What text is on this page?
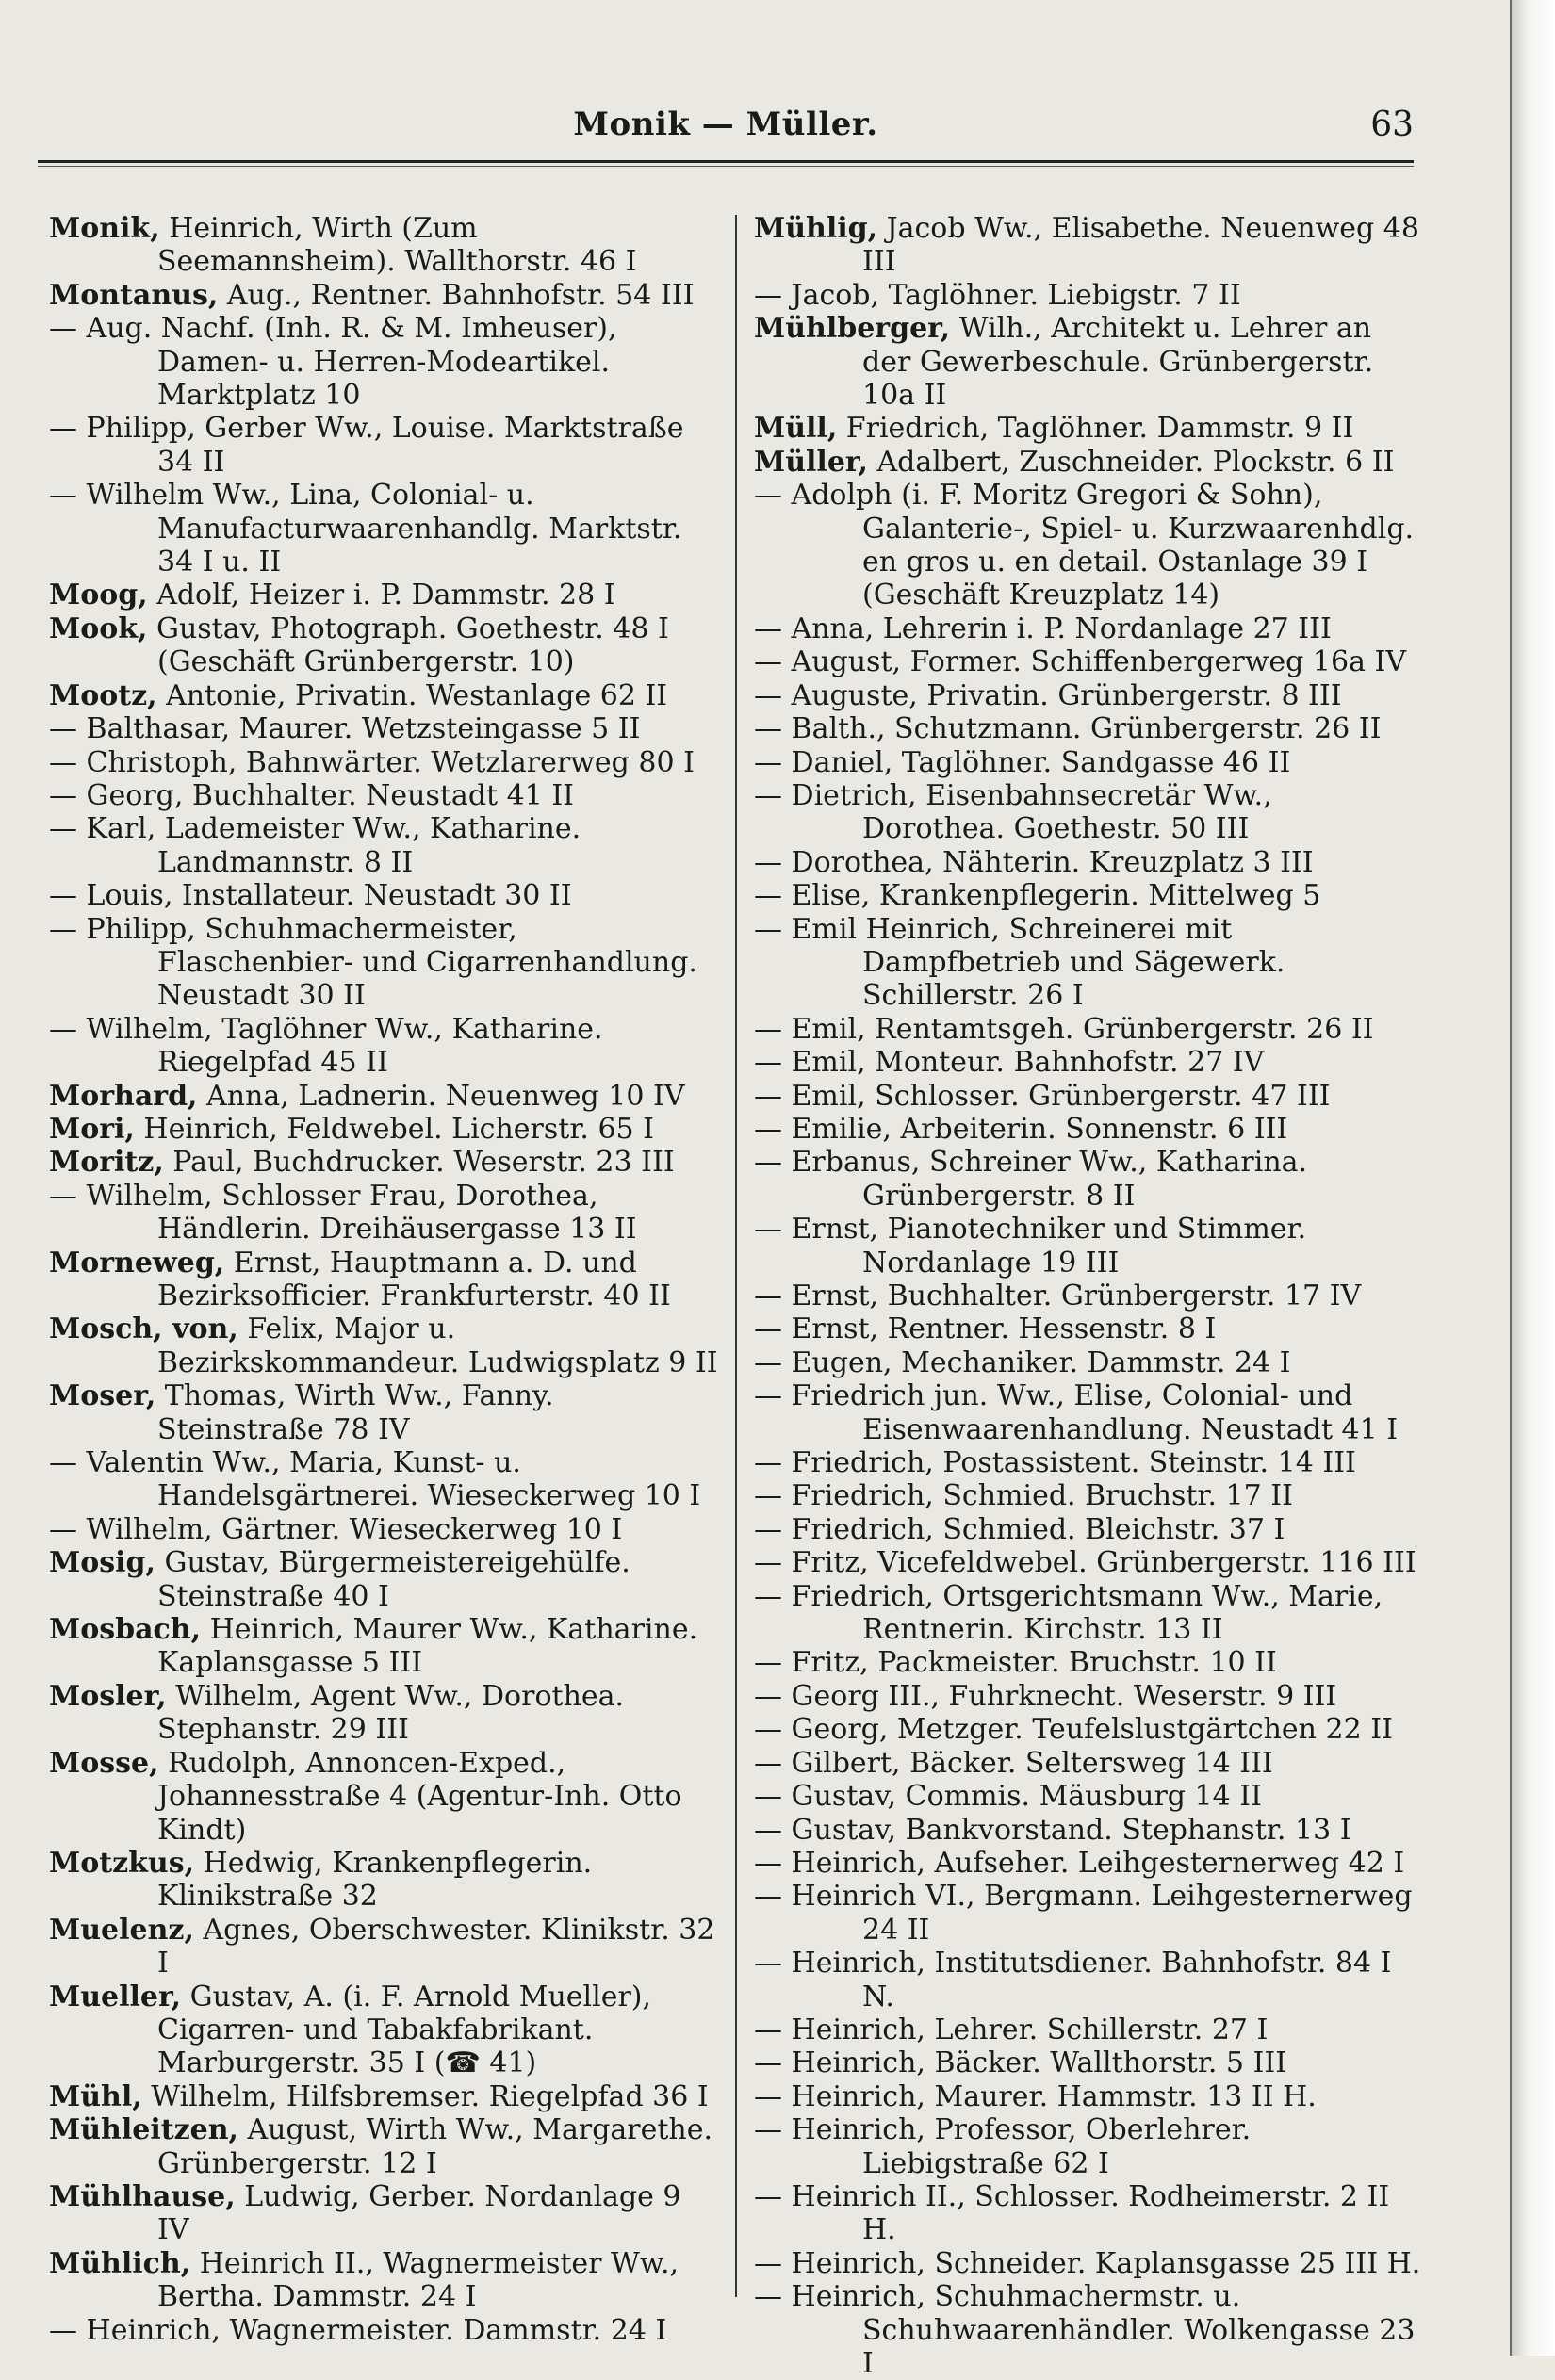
Monik — Müller.	63

Monik, Heinrich, Wirth (Zum Seemannsheim). Wallthorstr. 46 I

Montanus, Aug., Rentner. Bahnhofstr. 54 III

— Aug. Nachf. (Inh. R. & M. Imheuser), Damen- u. Herren-Modeartikel. Marktplatz 10

— Philipp, Gerber Ww., Louise. Marktstraße 34 II

— Wilhelm Ww., Lina, Colonial- u. Manufacturwaarenhandlg. Marktstr. 34 I u. II

Moog, Adolf, Heizer i. P. Dammstr. 28 I

Mook, Gustav, Photograph. Goethestr. 48 I (Geschäft Grünbergerstr. 10)

Mootz, Antonie, Privatin. Westanlage 62 II

— Balthasar, Maurer. Wetzsteingasse 5 II

— Christoph, Bahnwärter. Wetzlarerweg 80 I

— Georg, Buchhalter. Neustadt 41 II

— Karl, Lademeister Ww., Katharine. Landmannstr. 8 II

— Louis, Installateur. Neustadt 30 II

— Philipp, Schuhmachermeister, Flaschenbier- und Cigarrenhandlung. Neustadt 30 II

— Wilhelm, Taglöhner Ww., Katharine. Riegelpfad 45 II

Morhard, Anna, Ladnerin. Neuenweg 10 IV

Mori, Heinrich, Feldwebel. Licherstr. 65 I

Moritz, Paul, Buchdrucker. Weserstr. 23 III

— Wilhelm, Schlosser Frau, Dorothea, Händlerin. Dreihäusergasse 13 II

Morneweg, Ernst, Hauptmann a. D. und Bezirksofficier. Frankfurterstr. 40 II

Mosch, von, Felix, Major u. Bezirkskommandeur. Ludwigsplatz 9 II

Moser, Thomas, Wirth Ww., Fanny. Steinstraße 78 IV

— Valentin Ww., Maria, Kunst- u. Handelsgärtnerei. Wieseckerweg 10 I

— Wilhelm, Gärtner. Wieseckerweg 10 I

Mosig, Gustav, Bürgermeistereigehülfe. Steinstraße 40 I

Mosbach, Heinrich, Maurer Ww., Katharine. Kaplansgasse 5 III

Mosler, Wilhelm, Agent Ww., Dorothea. Stephanstr. 29 III

Mosse, Rudolph, Annoncen-Exped., Johannesstraße 4 (Agentur-Inh. Otto Kindt)

Motzkus, Hedwig, Krankenpflegerin. Klinikstraße 32

Muelenz, Agnes, Oberschwester. Klinikstr. 32 I

Mueller, Gustav, A. (i. F. Arnold Mueller), Cigarren- und Tabakfabrikant. Marburgerstr. 35 I (☎ 41)

Mühl, Wilhelm, Hilfsbremser. Riegelpfad 36 I

Mühleitzen, August, Wirth Ww., Margarethe. Grünbergerstr. 12 I

Mühlhause, Ludwig, Gerber. Nordanlage 9 IV

Mühlich, Heinrich II., Wagnermeister Ww., Bertha. Dammstr. 24 I

— Heinrich, Wagnermeister. Dammstr. 24 I

Mühlig, Jacob Ww., Elisabethe. Neuenweg 48 III

— Jacob, Taglöhner. Liebigstr. 7 II

Mühlberger, Wilh., Architekt u. Lehrer an der Gewerbeschule. Grünbergerstr. 10a II

Müll, Friedrich, Taglöhner. Dammstr. 9 II

Müller, Adalbert, Zuschneider. Plockstr. 6 II

— Adolph (i. F. Moritz Gregori & Sohn), Galanterie-, Spiel- u. Kurzwaarenhdlg. en gros u. en detail. Ostanlage 39 I (Geschäft Kreuzplatz 14)

— Anna, Lehrerin i. P. Nordanlage 27 III

— August, Former. Schiffenbergerweg 16a IV

— Auguste, Privatin. Grünbergerstr. 8 III

— Balth., Schutzmann. Grünbergerstr. 26 II

— Daniel, Taglöhner. Sandgasse 46 II

— Dietrich, Eisenbahnsecretär Ww., Dorothea. Goethestr. 50 III

— Dorothea, Nähterin. Kreuzplatz 3 III

— Elise, Krankenpflegerin. Mittelweg 5

— Emil Heinrich, Schreinerei mit Dampfbetrieb und Sägewerk. Schillerstr. 26 I

— Emil, Rentamtsgeh. Grünbergerstr. 26 II

— Emil, Monteur. Bahnhofstr. 27 IV

— Emil, Schlosser. Grünbergerstr. 47 III

— Emilie, Arbeiterin. Sonnenstr. 6 III

— Erbanus, Schreiner Ww., Katharina. Grünbergerstr. 8 II

— Ernst, Pianotechniker und Stimmer. Nordanlage 19 III

— Ernst, Buchhalter. Grünbergerstr. 17 IV

— Ernst, Rentner. Hessenstr. 8 I

— Eugen, Mechaniker. Dammstr. 24 I

— Friedrich jun. Ww., Elise, Colonial- und Eisenwaarenhandlung. Neustadt 41 I

— Friedrich, Postassistent. Steinstr. 14 III

— Friedrich, Schmied. Bruchstr. 17 II

— Friedrich, Schmied. Bleichstr. 37 I

— Fritz, Vicefeldwebel. Grünbergerstr. 116 III

— Friedrich, Ortsgerichtsmann Ww., Marie, Rentnerin. Kirchstr. 13 II

— Fritz, Packmeister. Bruchstr. 10 II

— Georg III., Fuhrknecht. Weserstr. 9 III

— Georg, Metzger. Teufelslustgärtchen 22 II

— Gilbert, Bäcker. Seltersweg 14 III

— Gustav, Commis. Mäusburg 14 II

— Gustav, Bankvorstand. Stephanstr. 13 I

— Heinrich, Aufseher. Leihgesternerweg 42 I

— Heinrich VI., Bergmann. Leihgesternerweg 24 II

— Heinrich, Institutsdiener. Bahnhofstr. 84 I N.

— Heinrich, Lehrer. Schillerstr. 27 I

— Heinrich, Bäcker. Wallthorstr. 5 III

— Heinrich, Maurer. Hammstr. 13 II H.

— Heinrich, Professor, Oberlehrer. Liebigstraße 62 I

— Heinrich II., Schlosser. Rodheimerstr. 2 II H.

— Heinrich, Schneider. Kaplansgasse 25 III H.

— Heinrich, Schuhmachermstr. u. Schuhwaarenhändler. Wolkengasse 23 I
